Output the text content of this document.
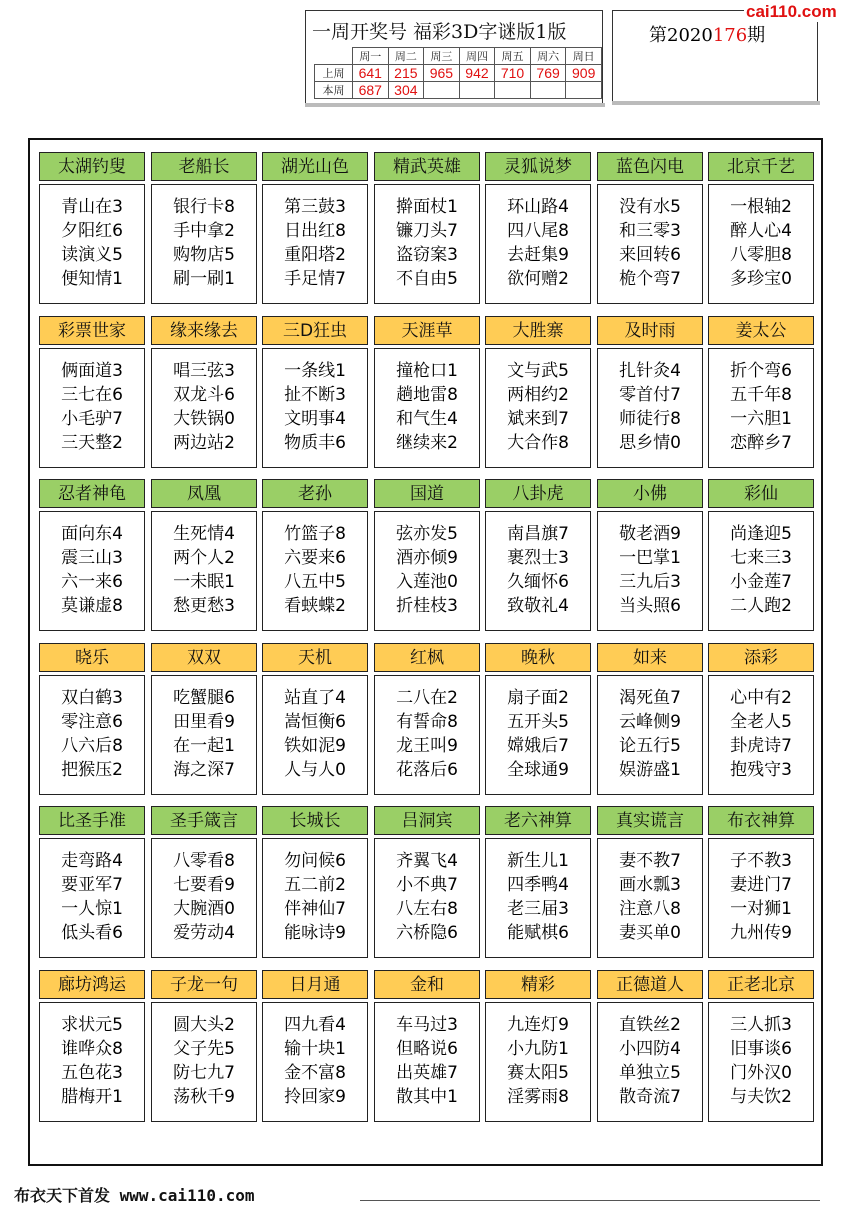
一周开奖号 福彩3D字谜版1版
	周一	周二	周三	周四	周五	周六	周日
上周	641	215	965	942	710	769	909
本周	687	304					
第2020176期
cai110.com
太湖钓叟
青山在3
夕阳红6
读演义5
便知情1
老船长
银行卡8
手中拿2
购物店5
刷一刷1
湖光山色
第三鼓3
日出红8
重阳塔2
手足情7
精武英雄
擀面杖1
镰刀头7
盗窃案3
不自由5
灵狐说梦
环山路4
四八尾8
去赶集9
欲何赠2
蓝色闪电
没有水5
和三零3
来回转6
桅个弯7
北京千艺
一根轴2
醉人心4
八零胆8
多珍宝0
彩票世家
俩面道3
三七在6
小毛驴7
三天整2
缘来缘去
唱三弦3
双龙斗6
大铁锅0
两边站2
三D狂虫
一条线1
扯不断3
文明事4
物质丰6
天涯草
撞枪口1
趟地雷8
和气生4
继续来2
大胜寨
文与武5
两相约2
斌来到7
大合作8
及时雨
扎针灸4
零首付7
师徒行8
思乡情0
姜太公
折个弯6
五千年8
一六胆1
恋醉乡7
忍者神龟
面向东4
震三山3
六一来6
莫谦虚8
凤凰
生死情4
两个人2
一未眠1
愁更愁3
老孙
竹篮子8
六要来6
八五中5
看蛱蝶2
国道
弦亦发5
酒亦倾9
入莲池0
折桂枝3
八卦虎
南昌旗7
裹烈士3
久缅怀6
致敬礼4
小佛
敬老酒9
一巴掌1
三九后3
当头照6
彩仙
尚逢迎5
七来三3
小金莲7
二人跑2
晓乐
双白鹤3
零注意6
八六后8
把猴压2
双双
吃蟹腿6
田里看9
在一起1
海之深7
天机
站直了4
嵩恒衡6
铁如泥9
人与人0
红枫
二八在2
有誓命8
龙王叫9
花落后6
晚秋
扇子面2
五开头5
嫦娥后7
全球通9
如来
渴死鱼7
云峰侧9
论五行5
娱游盛1
添彩
心中有2
全老人5
卦虎诗7
抱残守3
比圣手准
走弯路4
要亚军7
一人惊1
低头看6
圣手箴言
八零看8
七要看9
大腕酒0
爱劳动4
长城长
勿问候6
五二前2
伴神仙7
能咏诗9
吕洞宾
齐翼飞4
小不典7
八左右8
六桥隐6
老六神算
新生儿1
四季鸭4
老三届3
能赋棋6
真实谎言
妻不教7
画水瓢3
注意八8
妻买单0
布衣神算
子不教3
妻进门7
一对狮1
九州传9
廊坊鸿运
求状元5
谁哗众8
五色花3
腊梅开1
子龙一句
圆大头2
父子先5
防七九7
荡秋千9
日月通
四九看4
输十块1
金不富8
拎回家9
金和
车马过3
但略说6
出英雄7
散其中1
精彩
九连灯9
小九防1
赛太阳5
淫雾雨8
正德道人
直铁丝2
小四防4
单独立5
散奇流7
正老北京
三人抓3
旧事谈6
门外汉0
与夫饮2
布衣天下首发 www.cai110.com
